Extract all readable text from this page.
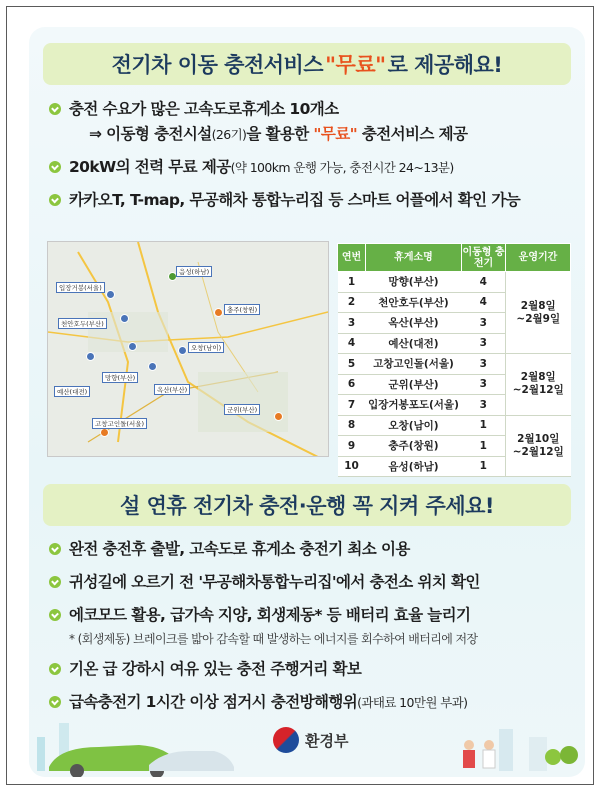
전기차 이동 충전서비스 "무료" 로 제공해요!
충전 수요가 많은 고속도로휴게소 10개소
⇒ 이동형 충전시설(26기)을 활용한 "무료" 충전서비스 제공
20kW의 전력 무료 제공(약 100km 운행 가능, 충전시간 24~13분)
카카오T, T-map, 무공해차 통합누리집 등 스마트 어플에서 확인 가능
입장거봉(서울)
음성(하남)
충주(창원)
천안호두(부산)
오창(남이)
망향(부산)
예산(대전)	옥산(부산)
군위(부산)
고창고인돌(서울)
연번	휴게소명	이동형 충전기	운영기간
1	망향(부산)	4	2월8일
~2월9일
2	천안호두(부산)	4	
3	옥산(부산)	3	
4	예산(대전)	3	
5	고창고인돌(서울)	3	2월8일
~2월12일
6	군위(부산)	3	
7	입장거봉포도(서울)	3	
8	오창(남이)	1	2월10일
~2월12일
9	충주(창원)	1	
10	음성(하남)	1	
설 연휴 전기차 충전·운행 꼭 지켜 주세요!
완전 충전후 출발, 고속도로 휴게소 충전기 최소 이용
귀성길에 오르기 전 '무공해차통합누리집'에서 충전소 위치 확인
에코모드 활용, 급가속 지양, 회생제동* 등 배터리 효율 늘리기
* (회생제동) 브레이크를 밟아 감속할 때 발생하는 에너지를 회수하여 배터리에 저장
기온 급 강하시 여유 있는 충전 주행거리 확보
급속충전기 1시간 이상 점거시 충전방해행위(과태료 10만원 부과)
환경부
